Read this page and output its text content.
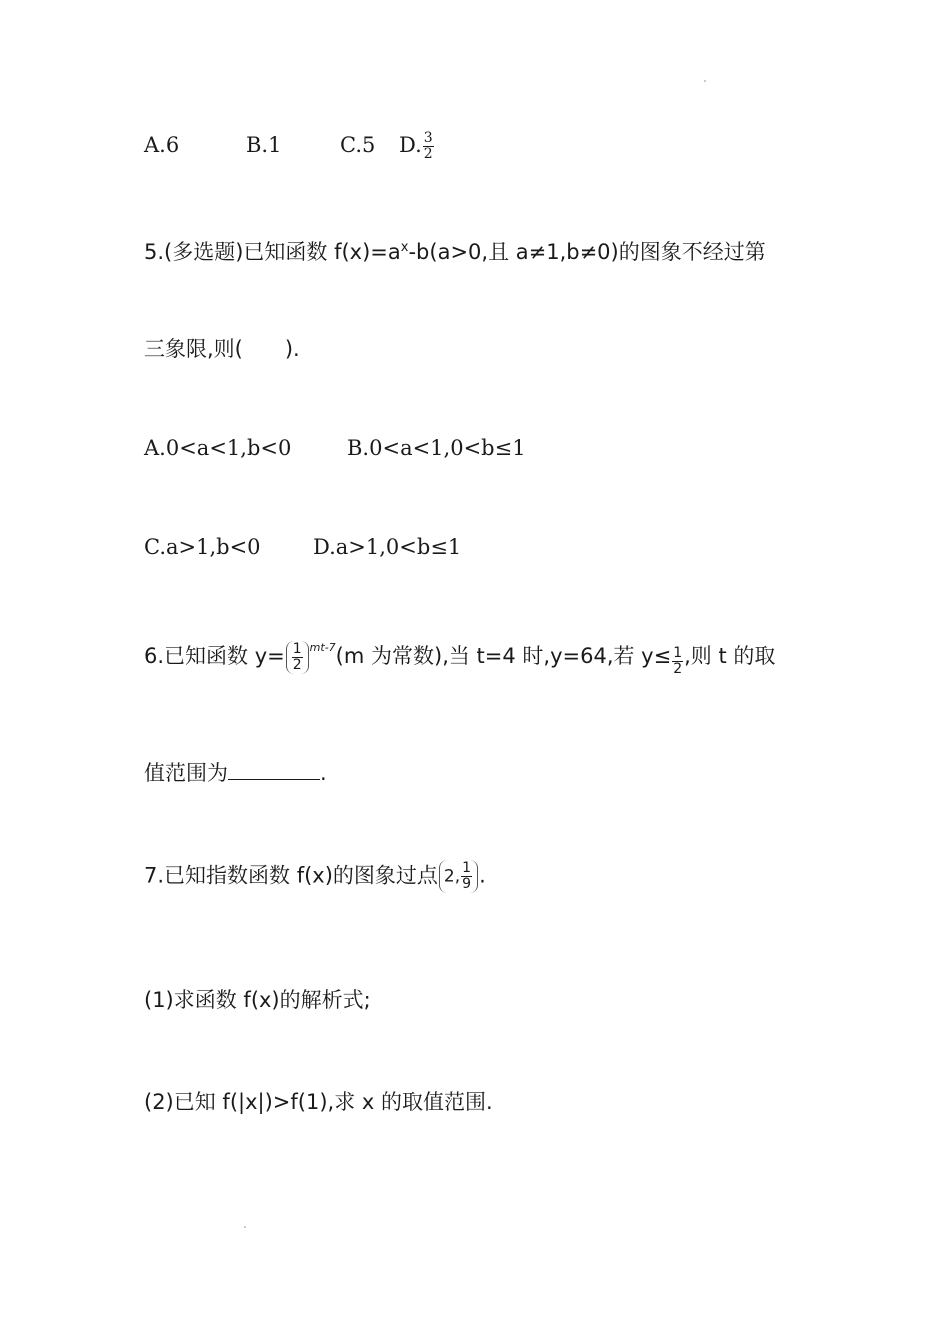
A.6	B.1	C.5 D. $\frac{3}{2}$
5.(多选题)已知函数 $f(x)=a^x-b(a>0$,且 a≠1,b≠0)的图象不经过第
三象限,则(　　).
A.0<a<1,b<0	B.0<a<1,0<b≤1
C.a>1,b<0 D.a>1,0<b≤1
6.已知函数 $y= \frac{1}{2} ^{mt-7}(m$ 为常数),当 t=4 时,y=64,若 $y\le \frac{1}{2}$ ,则 t 的取
值范围为	.
7.已知指数函数 f(x)的图象过点 2, $\frac{1}{9}$ .
(1)求函数 f(x)的解析式;
(2)已知 f(|x|)>f(1),求 x 的取值范围.
